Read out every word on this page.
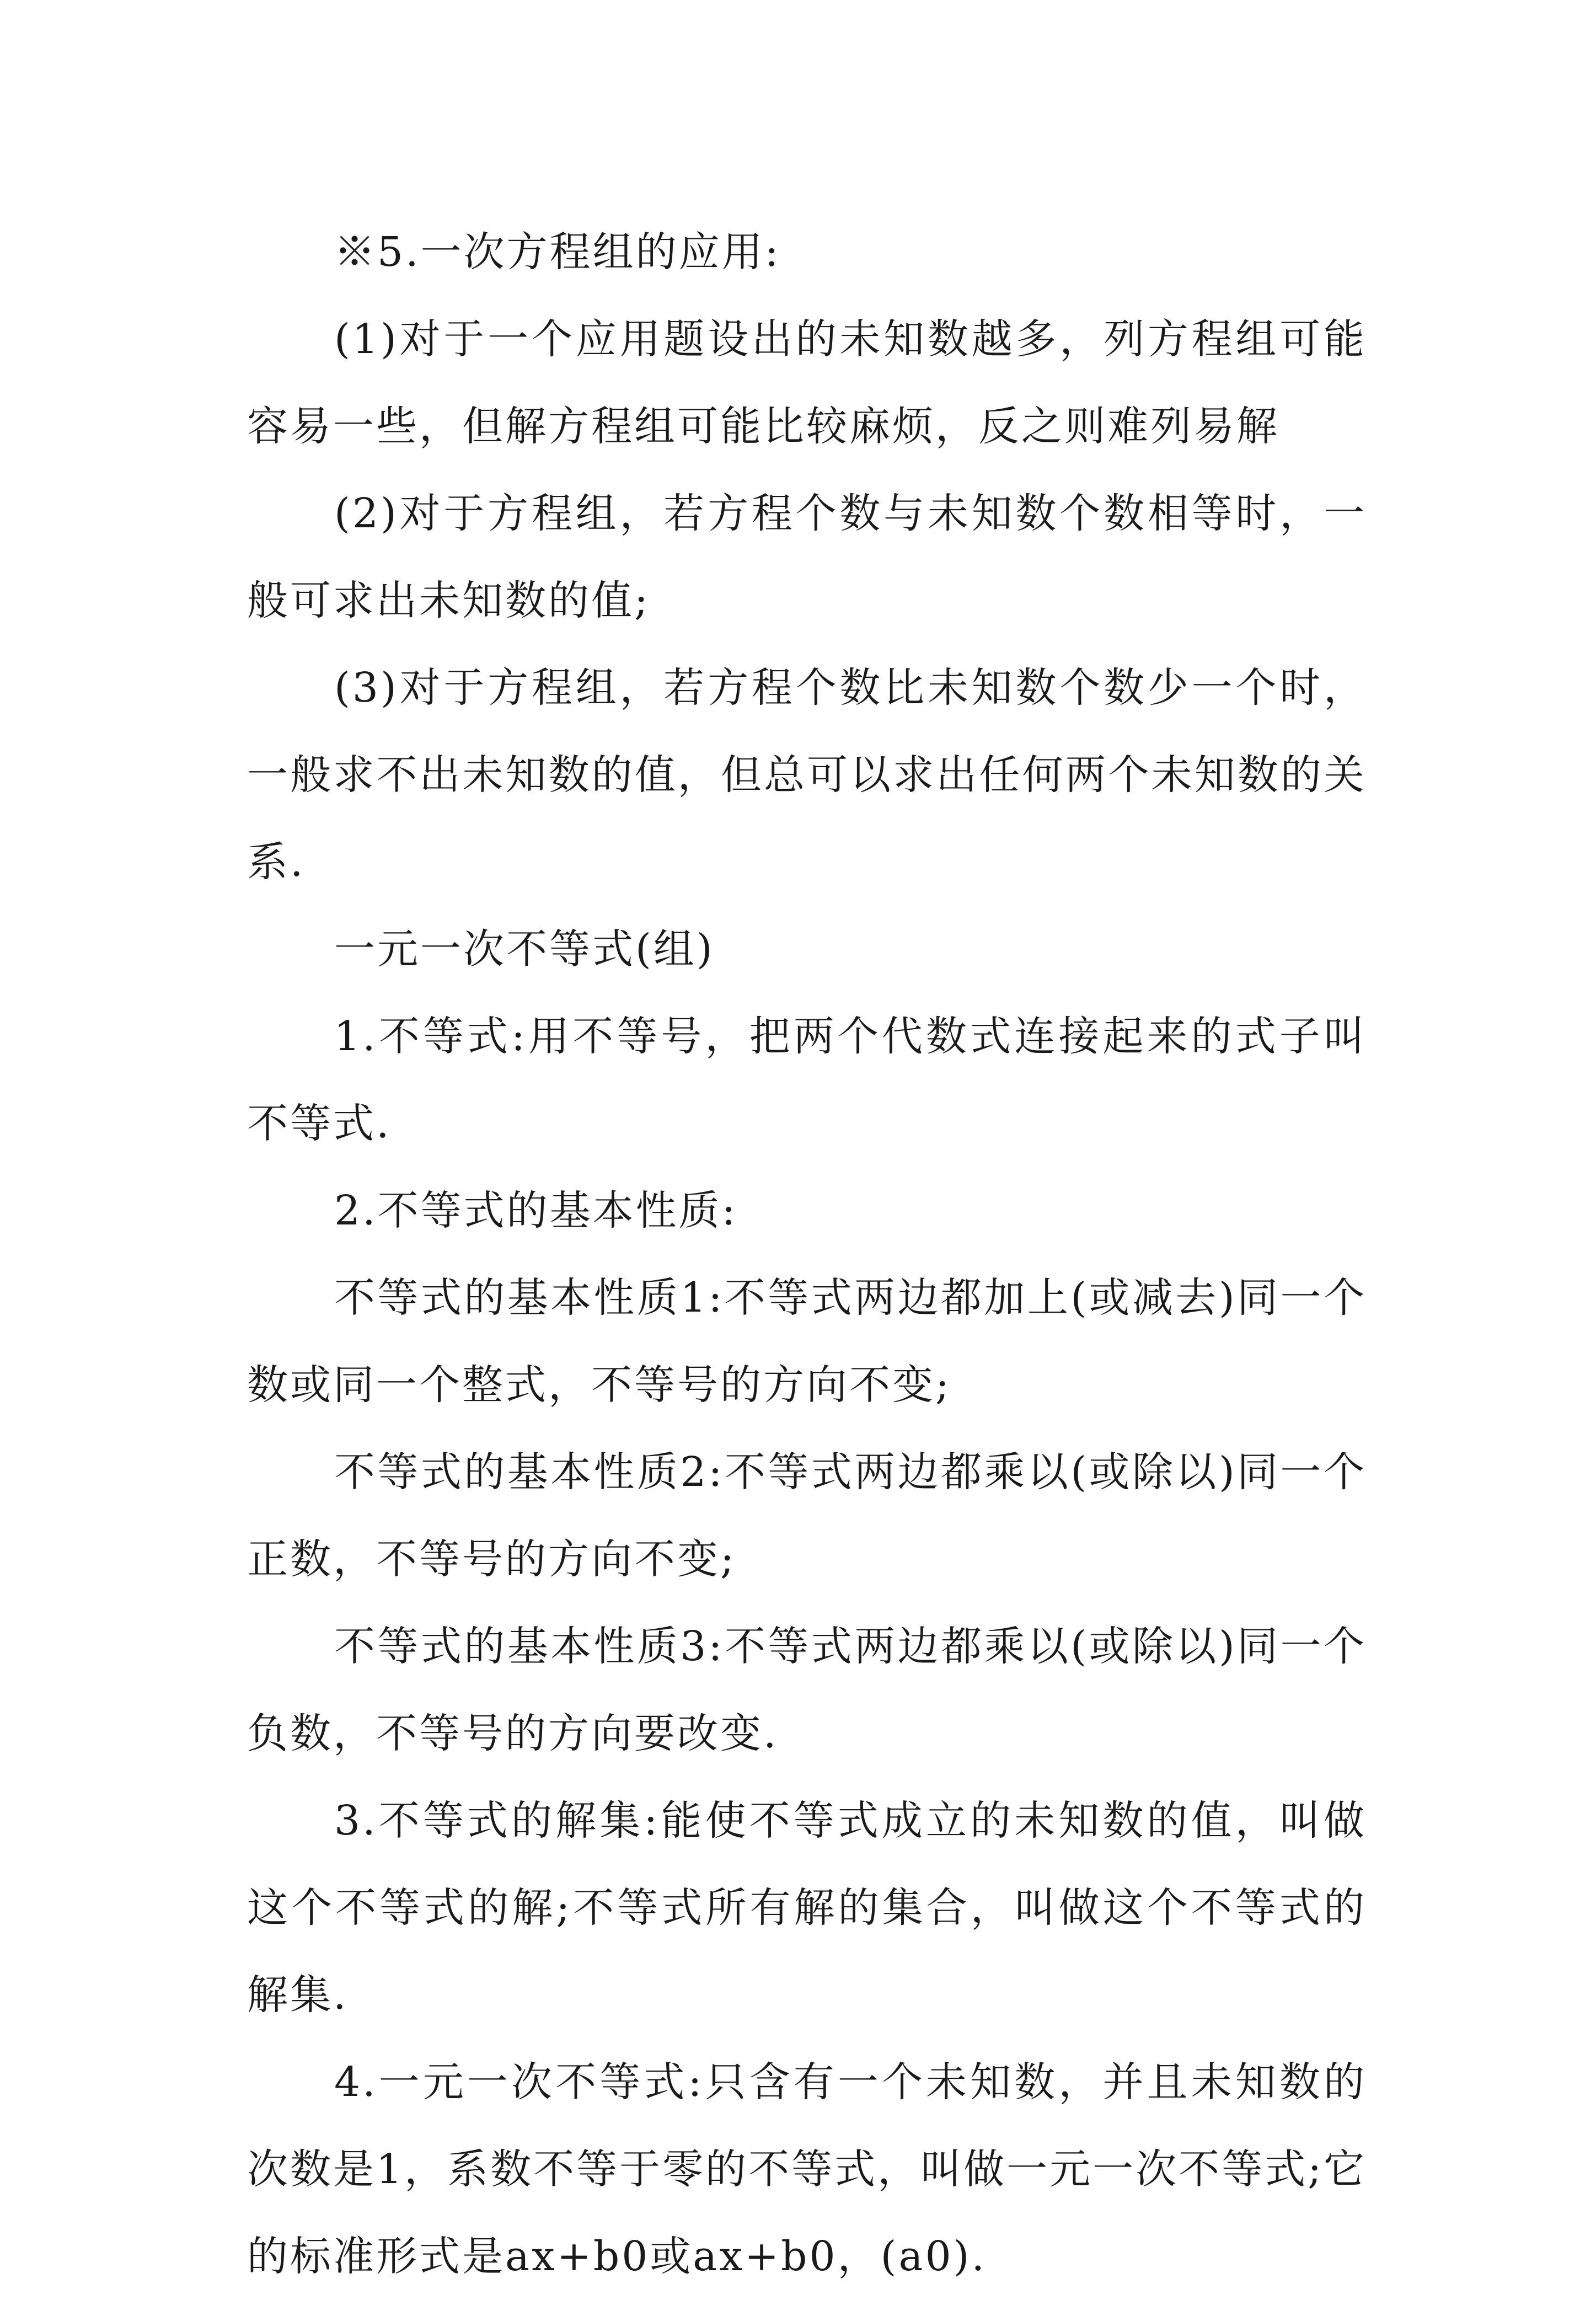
※5.一次方程组的应用:

(1)对于一个应用题设出的未知数越多，列方程组可能容易一些，但解方程组可能比较麻烦，反之则难列易解

(2)对于方程组，若方程个数与未知数个数相等时，一般可求出未知数的值;

(3)对于方程组，若方程个数比未知数个数少一个时，一般求不出未知数的值，但总可以求出任何两个未知数的关系.

一元一次不等式(组)

1.不等式:用不等号，把两个代数式连接起来的式子叫不等式.

2.不等式的基本性质:

不等式的基本性质1:不等式两边都加上(或减去)同一个数或同一个整式，不等号的方向不变;

不等式的基本性质2:不等式两边都乘以(或除以)同一个正数，不等号的方向不变;

不等式的基本性质3:不等式两边都乘以(或除以)同一个负数，不等号的方向要改变.

3.不等式的解集:能使不等式成立的未知数的值，叫做这个不等式的解;不等式所有解的集合，叫做这个不等式的解集.

4.一元一次不等式:只含有一个未知数，并且未知数的次数是1，系数不等于零的不等式，叫做一元一次不等式;它的标准形式是ax+b0或ax+b0，(a0).
